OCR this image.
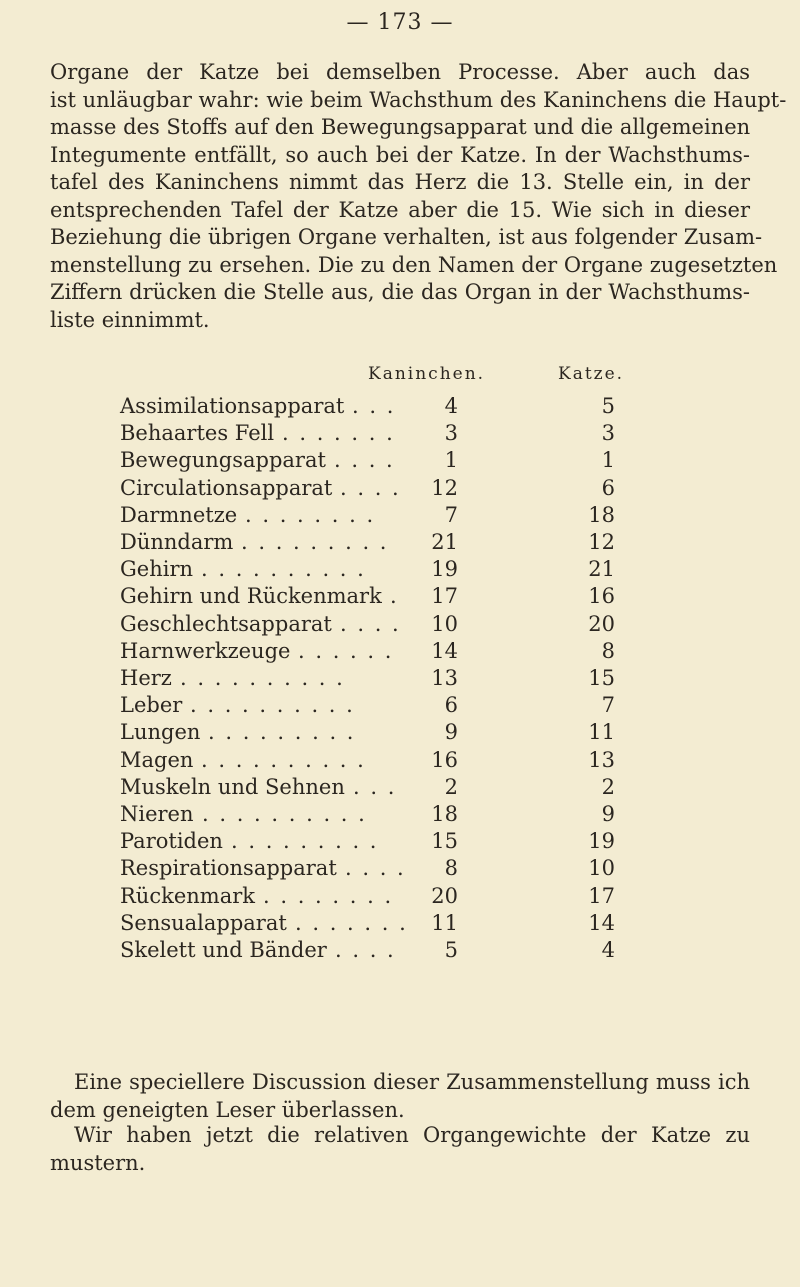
— 173 —

Organe der Katze bei demselben Processe. Aber auch das
ist unläugbar wahr: wie beim Wachsthum des Kaninchens die Haupt-
masse des Stoffs auf den Bewegungsapparat und die allgemeinen
Integumente entfällt, so auch bei der Katze. In der Wachsthums-
tafel des Kaninchens nimmt das Herz die 13. Stelle ein, in der
entsprechenden Tafel der Katze aber die 15. Wie sich in dieser
Beziehung die übrigen Organe verhalten, ist aus folgender Zusam-
menstellung zu ersehen. Die zu den Namen der Organe zugesetzten
Ziffern drücken die Stelle aus, die das Organ in der Wachsthums-
liste einnimmt.

Kaninchen.	Katze.
Assimilationsapparat . . .	4	5
Behaartes Fell . . . . . . .	3	3
Bewegungsapparat . . . .	1	1
Circulationsapparat . . . .	12	6
Darmnetze . . . . . . . .	7	18
Dünndarm . . . . . . . . .	21	12
Gehirn . . . . . . . . . .	19	21
Gehirn und Rückenmark .	17	16
Geschlechtsapparat . . . .	10	20
Harnwerkzeuge . . . . . .	14	8
Herz . . . . . . . . . .	13	15
Leber . . . . . . . . . .	6	7
Lungen . . . . . . . . .	9	11
Magen . . . . . . . . . .	16	13
Muskeln und Sehnen . . .	2	2
Nieren . . . . . . . . . .	18	9
Parotiden . . . . . . . . .	15	19
Respirationsapparat . . . .	8	10
Rückenmark . . . . . . . .	20	17
Sensualapparat . . . . . . .	11	14
Skelett und Bänder . . . .	5	4

Eine speciellere Discussion dieser Zusammenstellung muss ich
dem geneigten Leser überlassen.

Wir haben jetzt die relativen Organgewichte der Katze zu
mustern.
